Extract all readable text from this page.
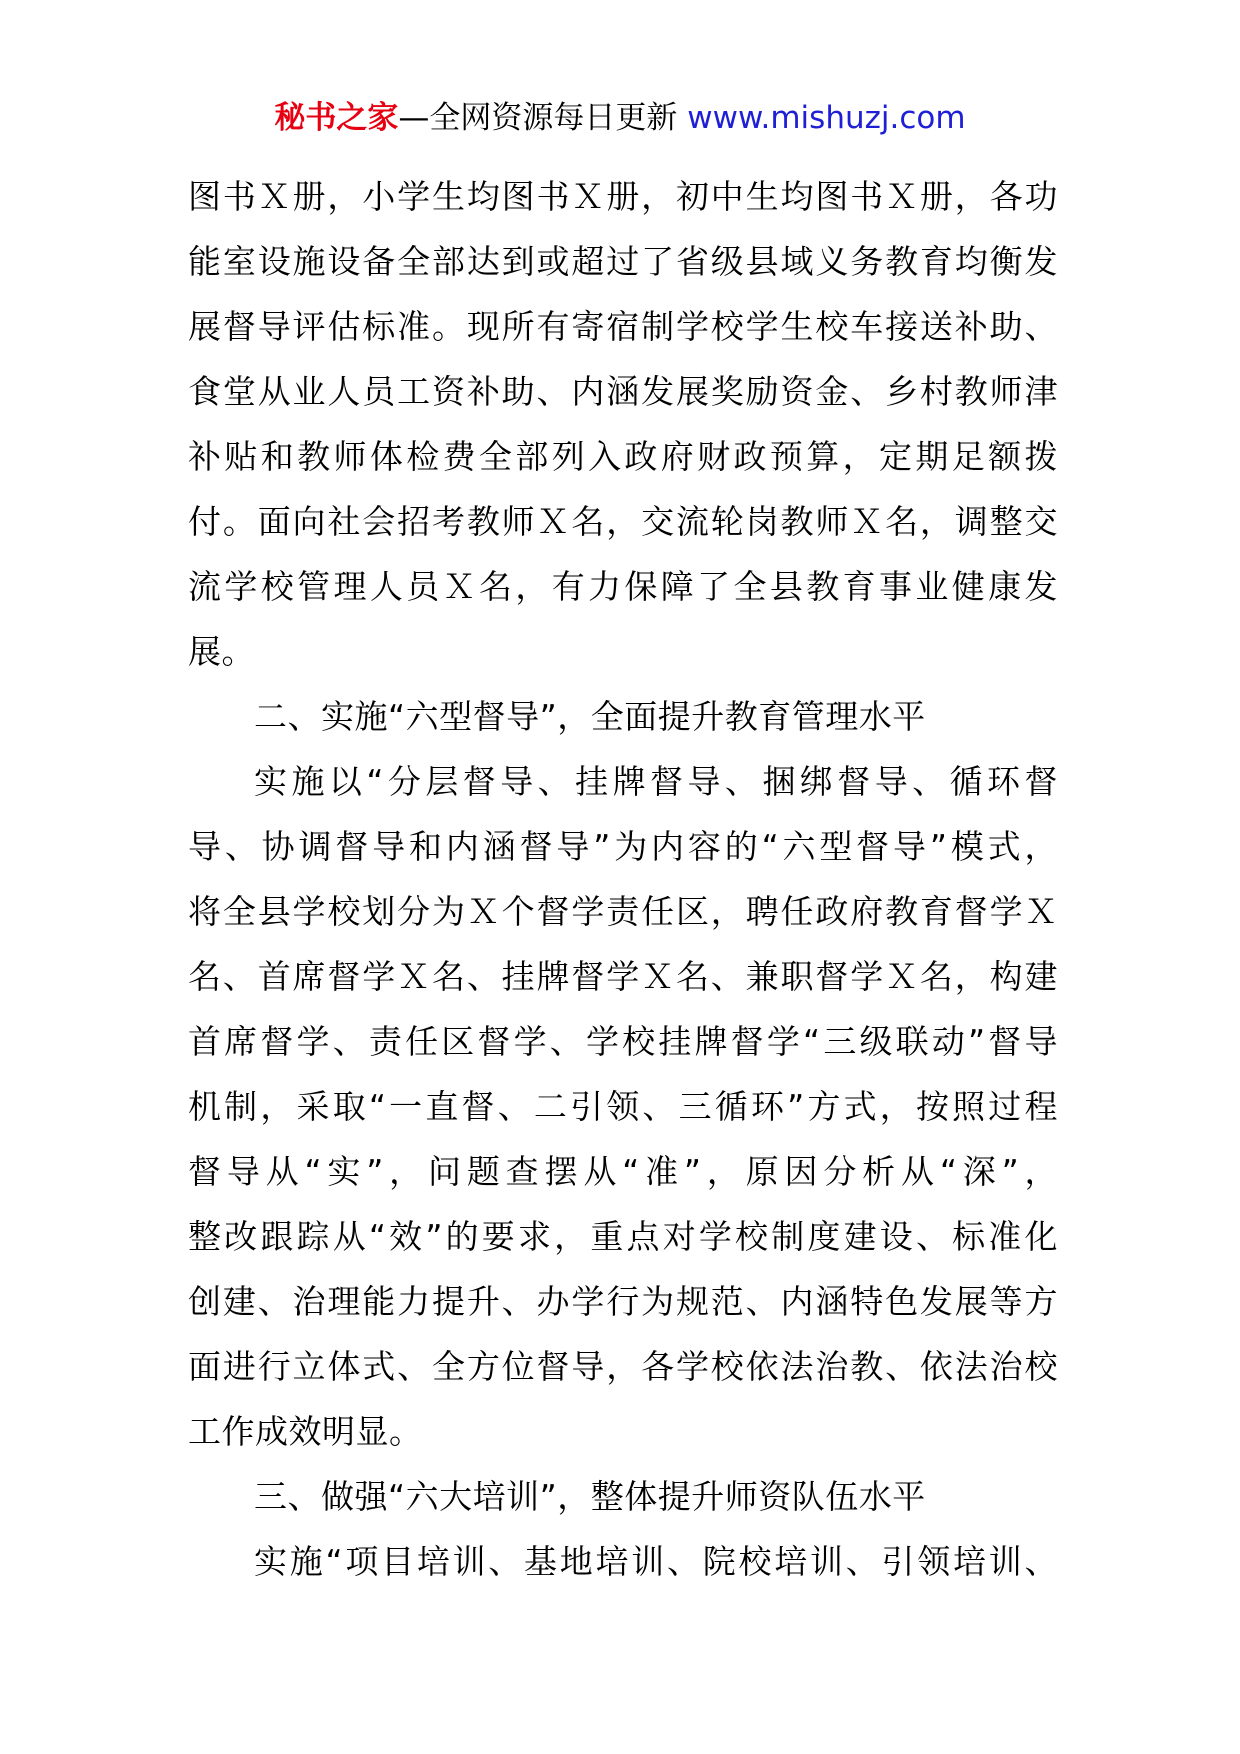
秘书之家—全网资源每日更新 www.mishuzj.com
图书Ｘ册，小学生均图书Ｘ册，初中生均图书Ｘ册，各功
能室设施设备全部达到或超过了省级县域义务教育均衡发
展督导评估标准。现所有寄宿制学校学生校车接送补助、
食堂从业人员工资补助、内涵发展奖励资金、乡村教师津
补贴和教师体检费全部列入政府财政预算，定期足额拨
付。面向社会招考教师Ｘ名，交流轮岗教师Ｘ名，调整交
流学校管理人员Ｘ名，有力保障了全县教育事业健康发
展。
二、实施“六型督导”，全面提升教育管理水平
实施以“分层督导、挂牌督导、捆绑督导、循环督
导、协调督导和内涵督导”为内容的“六型督导”模式，
将全县学校划分为Ｘ个督学责任区，聘任政府教育督学Ｘ
名、首席督学Ｘ名、挂牌督学Ｘ名、兼职督学Ｘ名，构建
首席督学、责任区督学、学校挂牌督学“三级联动”督导
机制，采取“一直督、二引领、三循环”方式，按照过程
督导从“实”，问题查摆从“准”，原因分析从“深”，
整改跟踪从“效”的要求，重点对学校制度建设、标准化
创建、治理能力提升、办学行为规范、内涵特色发展等方
面进行立体式、全方位督导，各学校依法治教、依法治校
工作成效明显。
三、做强“六大培训”，整体提升师资队伍水平
实施“项目培训、基地培训、院校培训、引领培训、
